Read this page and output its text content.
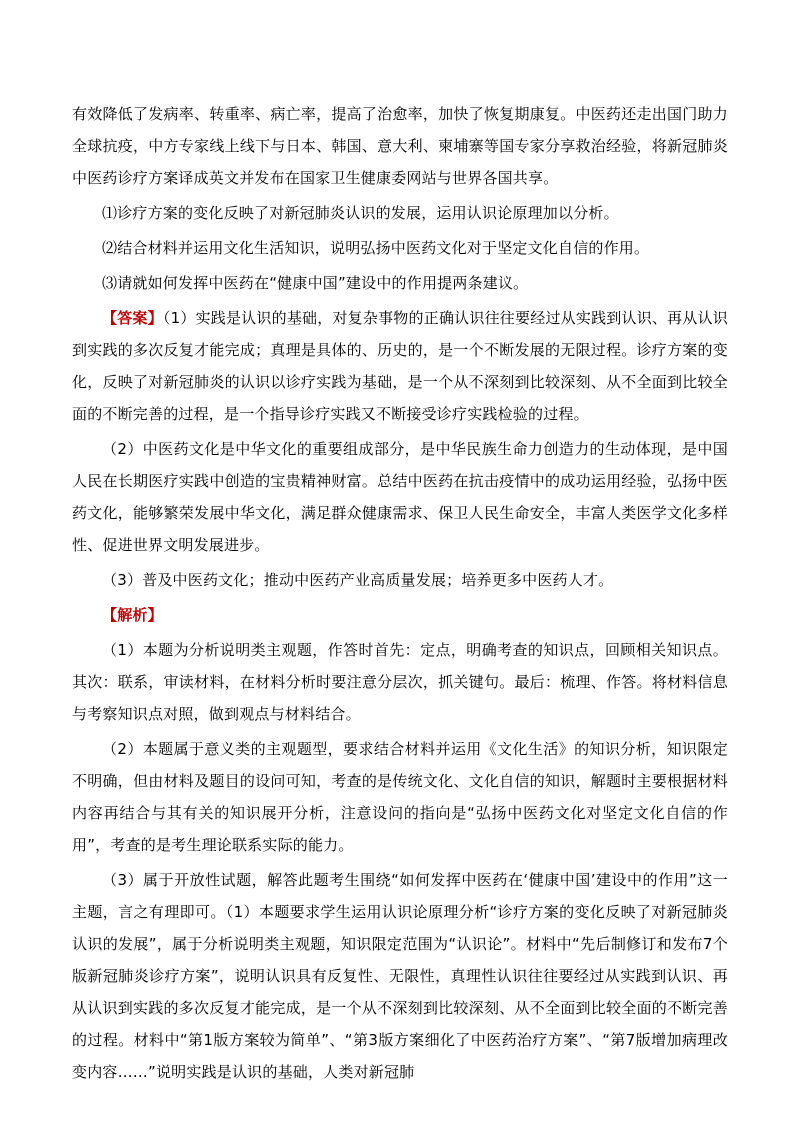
有效降低了发病率、转重率、病亡率，提高了治愈率，加快了恢复期康复。中医药还走出国门助力全球抗疫，中方专家线上线下与日本、韩国、意大利、柬埔寨等国专家分享救治经验，将新冠肺炎中医药诊疗方案译成英文并发布在国家卫生健康委网站与世界各国共享。

⑴诊疗方案的变化反映了对新冠肺炎认识的发展，运用认识论原理加以分析。

⑵结合材料并运用文化生活知识，说明弘扬中医药文化对于坚定文化自信的作用。

⑶请就如何发挥中医药在“健康中国”建设中的作用提两条建议。

【答案】（1）实践是认识的基础，对复杂事物的正确认识往往要经过从实践到认识、再从认识到实践的多次反复才能完成；真理是具体的、历史的，是一个不断发展的无限过程。诊疗方案的变化，反映了对新冠肺炎的认识以诊疗实践为基础，是一个从不深刻到比较深刻、从不全面到比较全面的不断完善的过程，是一个指导诊疗实践又不断接受诊疗实践检验的过程。

（2）中医药文化是中华文化的重要组成部分，是中华民族生命力创造力的生动体现，是中国人民在长期医疗实践中创造的宝贵精神财富。总结中医药在抗击疫情中的成功运用经验，弘扬中医药文化，能够繁荣发展中华文化，满足群众健康需求、保卫人民生命安全，丰富人类医学文化多样性、促进世界文明发展进步。

（3）普及中医药文化；推动中医药产业高质量发展；培养更多中医药人才。

【解析】

（1）本题为分析说明类主观题，作答时首先：定点，明确考查的知识点，回顾相关知识点。其次：联系，审读材料，在材料分析时要注意分层次，抓关键句。最后：梳理、作答。将材料信息与考察知识点对照，做到观点与材料结合。

（2）本题属于意义类的主观题型，要求结合材料并运用《文化生活》的知识分析，知识限定不明确，但由材料及题目的设问可知，考查的是传统文化、文化自信的知识，解题时主要根据材料内容再结合与其有关的知识展开分析，注意设问的指向是“弘扬中医药文化对坚定文化自信的作用”，考查的是考生理论联系实际的能力。

（3）属于开放性试题，解答此题考生围绕“如何发挥中医药在‘健康中国’建设中的作用”这一主题，言之有理即可。（1）本题要求学生运用认识论原理分析“诊疗方案的变化反映了对新冠肺炎认识的发展”，属于分析说明类主观题，知识限定范围为“认识论”。材料中“先后制修订和发布7个版新冠肺炎诊疗方案”，说明认识具有反复性、无限性，真理性认识往往要经过从实践到认识、再从认识到实践的多次反复才能完成，是一个从不深刻到比较深刻、从不全面到比较全面的不断完善的过程。材料中“第1版方案较为简单”、“第3版方案细化了中医药治疗方案”、“第7版增加病理改变内容……”说明实践是认识的基础，人类对新冠肺
